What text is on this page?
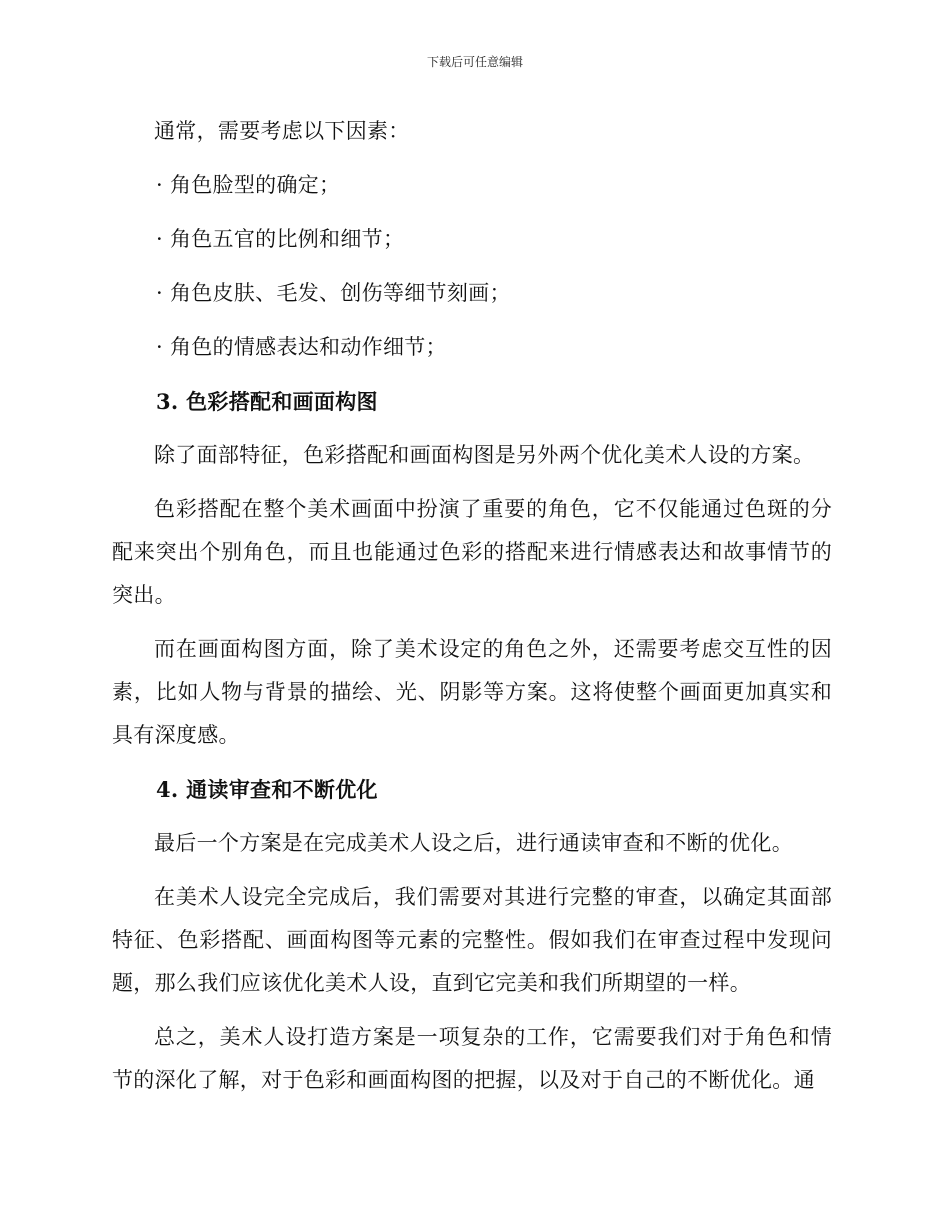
下载后可任意编辑

通常，需要考虑以下因素：

· 角色脸型的确定；

· 角色五官的比例和细节；

· 角色皮肤、毛发、创伤等细节刻画；

· 角色的情感表达和动作细节；

3. 色彩搭配和画面构图

除了面部特征，色彩搭配和画面构图是另外两个优化美术人设的方案。

色彩搭配在整个美术画面中扮演了重要的角色，它不仅能通过色斑的分配来突出个别角色，而且也能通过色彩的搭配来进行情感表达和故事情节的突出。

而在画面构图方面，除了美术设定的角色之外，还需要考虑交互性的因素，比如人物与背景的描绘、光、阴影等方案。这将使整个画面更加真实和具有深度感。

4. 通读审查和不断优化

最后一个方案是在完成美术人设之后，进行通读审查和不断的优化。

在美术人设完全完成后，我们需要对其进行完整的审查，以确定其面部特征、色彩搭配、画面构图等元素的完整性。假如我们在审查过程中发现问题，那么我们应该优化美术人设，直到它完美和我们所期望的一样。

总之，美术人设打造方案是一项复杂的工作，它需要我们对于角色和情节的深化了解，对于色彩和画面构图的把握，以及对于自己的不断优化。通
